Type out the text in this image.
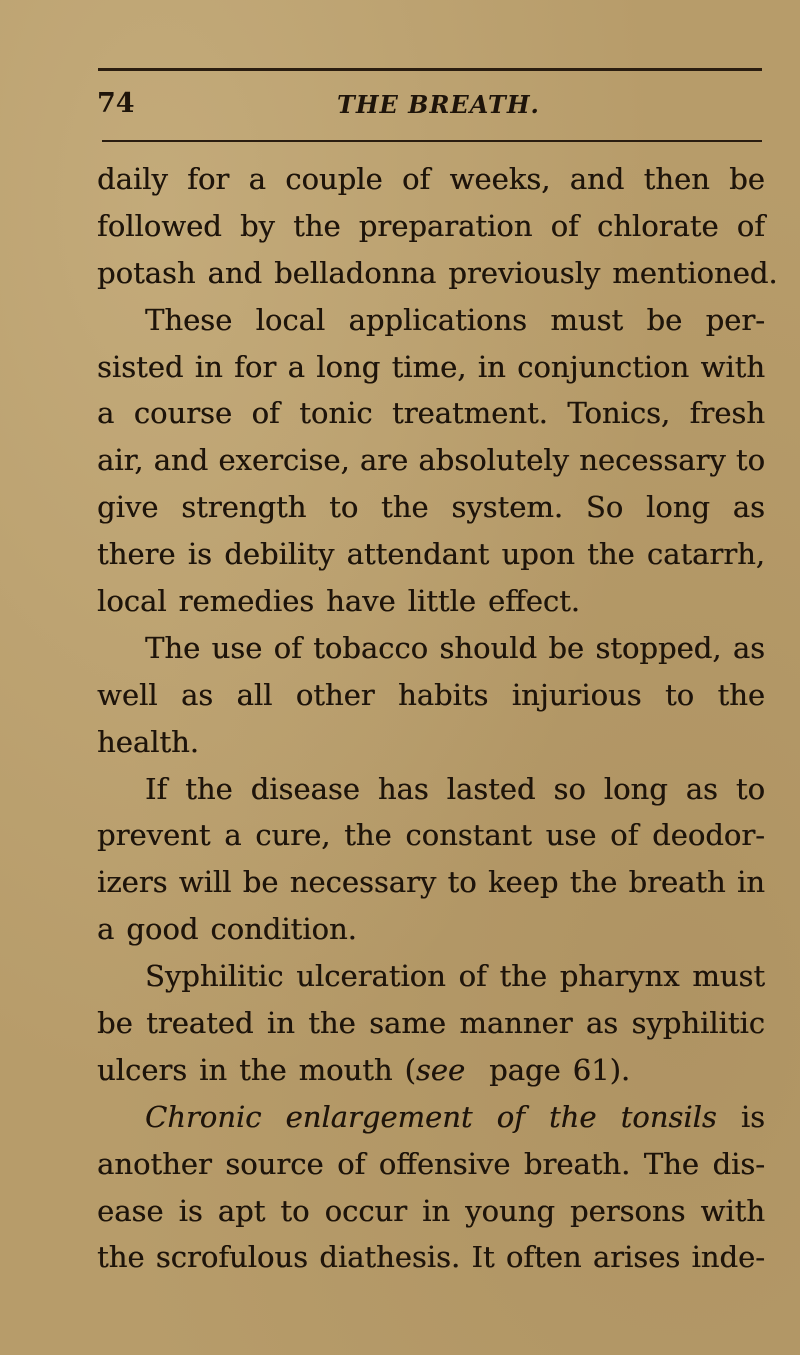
74	THE BREATH.
daily for a couple of weeks, and then be
followed by the preparation of chlorate of
potash and belladonna previously mentioned.
These local applications must be per-
sisted in for a long time, in conjunction with
a course of tonic treatment. Tonics, fresh
air, and exercise, are absolutely necessary to
give strength to the system. So long as
there is debility attendant upon the catarrh,
local remedies have little effect.
The use of tobacco should be stopped, as
well as all other habits injurious to the
health.
If the disease has lasted so long as to
prevent a cure, the constant use of deodor-
izers will be necessary to keep the breath in
a good condition.
Syphilitic ulceration of the pharynx must
be treated in the same manner as syphilitic
ulcers in the mouth (see page 61).
Chronic enlargement of the tonsils is
another source of offensive breath. The dis-
ease is apt to occur in young persons with
the scrofulous diathesis. It often arises inde-
